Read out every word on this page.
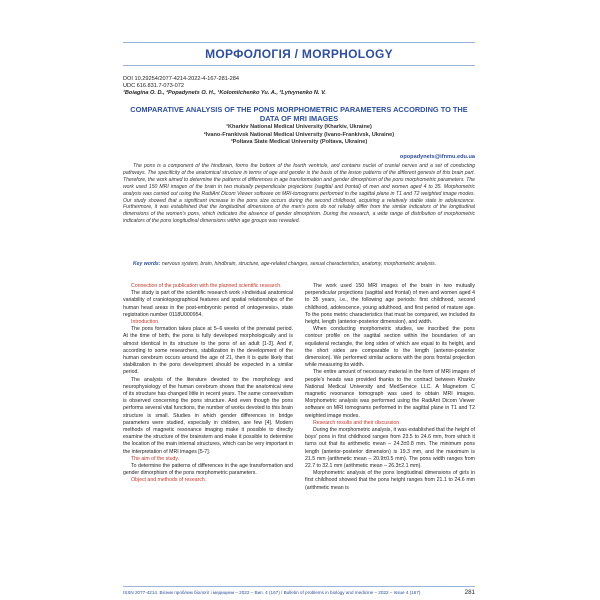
МОРФОЛОГІЯ / MORPHOLOGY
DOI 10.29254/2077-4214-2022-4-167-281-284
UDC 616.831.7-073-072
¹Boiagina O. D., ²Popadynets O. H., ¹Kolomiichenko Yu. A., ³Lytvynenko N. V.
COMPARATIVE ANALYSIS OF THE PONS MORPHOMETRIC PARAMETERS ACCORDING TO THE DATA OF MRI IMAGES
¹Kharkiv National Medical University (Kharkiv, Ukraine)
²Ivano-Frankivsk National Medical University (Ivano-Frankivsk, Ukraine)
³Poltava State Medical University (Poltava, Ukraine)
opopadynets@ifnmu.edu.ua
The pons is a component of the hindbrain, forms the bottom of the fourth ventricle, and contains nuclei of cranial nerves and a set of conducting pathways. The specificity of the anatomical structure in terms of age and gender is the basis of the lesion patterns of the different genesis of this brain part. Therefore, the work aimed to determine the patterns of differences in age transformation and gender dimorphism of the pons morphometric parameters. The work used 150 MRI images of the brain in two mutually perpendicular projections (sagittal and frontal) of men and women aged 4 to 35. Morphometric analysis was carried out using the RadiAnt Dicom Viewer software on MRI-tomograms performed in the sagittal plane in T1 and T2 weighted image modes. Our study showed that a significant increase in the pons size occurs during the second childhood, acquiring a relatively stable state in adolescence. Furthermore, it was established that the longitudinal dimensions of the men's pons do not reliably differ from the similar indicators of the longitudinal dimensions of the women's pons, which indicates the absence of gender dimorphism. During the research, a wide range of distribution of morphometric indicators of the pons longitudinal dimensions within age groups was revealed.
Key words: nervous system, brain, hindbrain, structure, age-related changes, sexual characteristics, anatomy, morphometric analysis.

Connection of the publication with the planned scientific research.

The study is part of the scientific research work «Individual anatomical variability of craniotopographical features and spatial relationships of the human head areas in the post-embryonic period of ontogenesis», state registration number 0118U000954.

Introduction.

The pons formation takes place at 5–6 weeks of the prenatal period. At the time of birth, the pons is fully developed morphologically and is almost identical in its structure to the pons of an adult [1-3]. And if, according to some researchers, stabilization in the development of the human cerebrum occurs around the age of 21, then it is quite likely that stabilization in the pons development should be expected in a similar period.

The analysis of the literature devoted to the morphology and neurophysiology of the human cerebrum shows that the anatomical view of its structure has changed little in recent years. The same conservatism is observed concerning the pons structure. And even though the pons performs several vital functions, the number of works devoted to this brain structure is small. Studies in which gender differences in bridge parameters were studied, especially in children, are few [4]. Modern methods of magnetic resonance imaging make it possible to directly examine the structure of the brainstem and make it possible to determine the location of the main internal structures, which can be very important in the interpretation of MRI images [5-7].

The aim of the study.

To determine the patterns of differences in the age transformation and gender dimorphism of the pons morphometric parameters.

Object and methods of research.

The work used 150 MRI images of the brain in two mutually perpendicular projections (sagittal and frontal) of men and women aged 4 to 35 years, i.e., the following age periods: first childhood, second childhood, adolescence, young adulthood, and first period of mature age. To the pons metric characteristics that must be compared, we included its height, length (anterior-posterior dimension), and width.

When conducting morphometric studies, we inscribed the pons contour profile on the sagittal section within the boundaries of an equilateral rectangle, the long sides of which are equal to its height, and the short sides are comparable to the length (anterior-posterior dimension). We performed similar actions with the pons frontal projection while measuring its width.

The entire amount of necessary material in the form of MRI images of people's heads was provided thanks to the contract between Kharkiv National Medical University and MedService LLC. A Magnetom C magnetic resonance tomograph was used to obtain MRI images. Morphometric analysis was performed using the RadiAnt Dicom Viewer software on MRI tomograms performed in the sagittal plane in T1 and T2 weighted image modes.

Research results and their discussion.

During the morphometric analysis, it was established that the height of boys' pons in first childhood ranges from 23.5 to 24.6 mm, from which it turns out that its arithmetic mean – 24.3±0.8 mm. The minimum pons length (anterior-posterior dimension) is 19.3 mm, and the maximum is 21.5 mm (arithmetic mean – 20.9±0.5 mm). The pons width ranges from 22.7 to 32.1 mm (arithmetic mean – 26.3±2.1 mm).

Morphometric analysis of the pons longitudinal dimensions of girls in first childhood showed that the pons height ranges from 21.1 to 24.6 mm (arithmetic mean is

ISSN 2077-4214. Вісник проблем біології і медицини – 2022 – Вип. 4 (167) / Bulletin of problems in biology and medicine – 2022 – Issue 4 (167)	281
